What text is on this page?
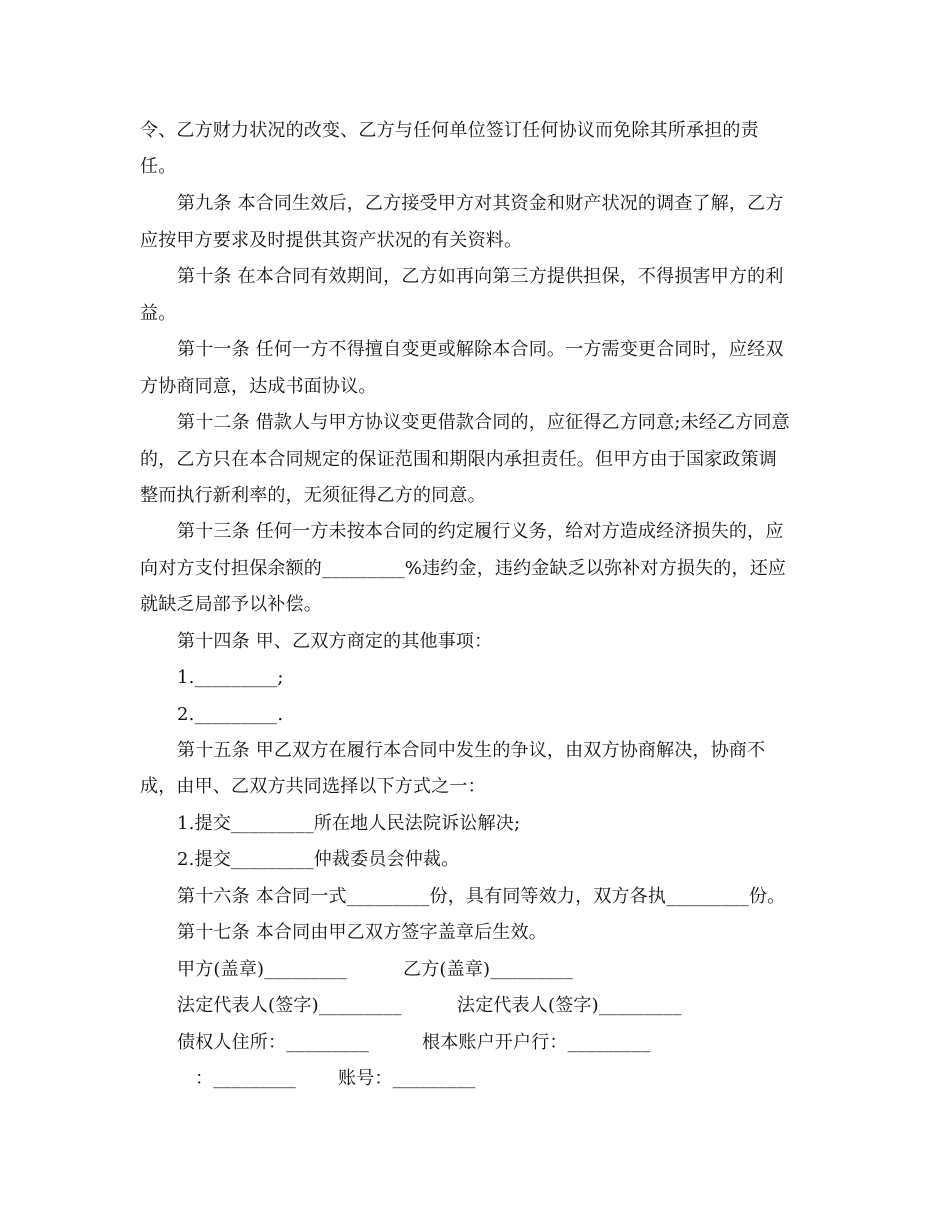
令、乙方财力状况的改变、乙方与任何单位签订任何协议而免除其所承担的责
任。
第九条 本合同生效后，乙方接受甲方对其资金和财产状况的调查了解，乙方
应按甲方要求及时提供其资产状况的有关资料。
第十条 在本合同有效期间，乙方如再向第三方提供担保，不得损害甲方的利
益。
第十一条 任何一方不得擅自变更或解除本合同。一方需变更合同时，应经双
方协商同意，达成书面协议。
第十二条 借款人与甲方协议变更借款合同的，应征得乙方同意;未经乙方同意
的，乙方只在本合同规定的保证范围和期限内承担责任。但甲方由于国家政策调
整而执行新利率的，无须征得乙方的同意。
第十三条 任何一方未按本合同的约定履行义务，给对方造成经济损失的，应
向对方支付担保余额的_________%违约金，违约金缺乏以弥补对方损失的，还应
就缺乏局部予以补偿。
第十四条 甲、乙双方商定的其他事项：
1._________;
2._________.
第十五条 甲乙双方在履行本合同中发生的争议，由双方协商解决，协商不
成，由甲、乙双方共同选择以下方式之一：
1.提交_________所在地人民法院诉讼解决;
2.提交_________仲裁委员会仲裁。
第十六条 本合同一式_________份，具有同等效力，双方各执_________份。
第十七条 本合同由甲乙双方签字盖章后生效。
甲方(盖章)_________	乙方(盖章)_________
法定代表人(签字)_________	法定代表人(签字)_________
债权人住所：_________	根本账户开户行：_________
：_________ 账号：_________
